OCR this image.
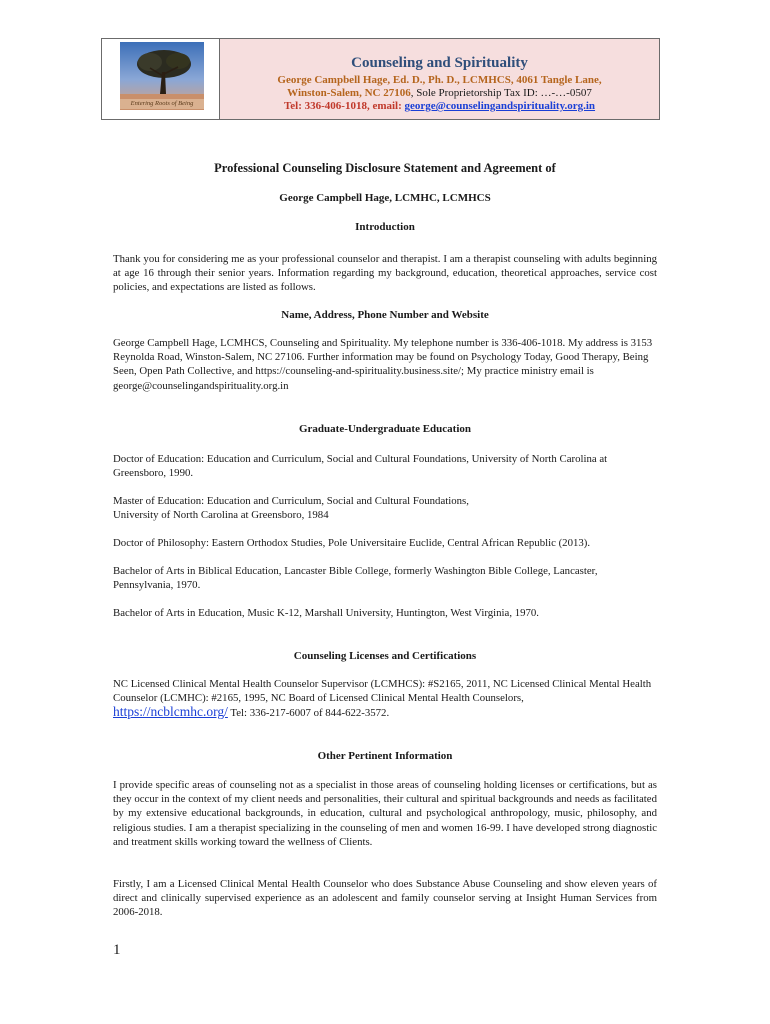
Entering Roots of Being
Counseling and Spirituality
George Campbell Hage, Ed. D., Ph. D., LCMHCS, 4061 Tangle Lane,
Winston-Salem, NC 27106, Sole Proprietorship Tax ID: …-…-0507
Tel: 336-406-1018, email: george@counselingandspirituality.org.in
Professional Counseling Disclosure Statement and Agreement of
George Campbell Hage, LCMHC, LCMHCS
Introduction
Thank you for considering me as your professional counselor and therapist. I am a therapist counseling with adults beginning at age 16 through their senior years. Information regarding my background, education, theoretical approaches, service cost policies, and expectations are listed as follows.
Name, Address, Phone Number and Website
George Campbell Hage, LCMHCS, Counseling and Spirituality. My telephone number is 336-406-1018. My address is 3153 Reynolda Road, Winston-Salem, NC 27106. Further information may be found on Psychology Today, Good Therapy, Being Seen, Open Path Collective, and https://counseling-and-spirituality.business.site/; My practice ministry email is george@counselingandspirituality.org.in
Graduate-Undergraduate Education
Doctor of Education: Education and Curriculum, Social and Cultural Foundations, University of North Carolina at Greensboro, 1990.
Master of Education: Education and Curriculum, Social and Cultural Foundations,
University of North Carolina at Greensboro, 1984
Doctor of Philosophy: Eastern Orthodox Studies, Pole Universitaire Euclide, Central African Republic (2013).
Bachelor of Arts in Biblical Education, Lancaster Bible College, formerly Washington Bible College, Lancaster, Pennsylvania, 1970.
Bachelor of Arts in Education, Music K-12, Marshall University, Huntington, West Virginia, 1970.
Counseling Licenses and Certifications
NC Licensed Clinical Mental Health Counselor Supervisor (LCMHCS): #S2165, 2011, NC Licensed Clinical Mental Health Counselor (LCMHC): #2165, 1995, NC Board of Licensed Clinical Mental Health Counselors,
https://ncblcmhc.org/ Tel: 336-217-6007 of 844-622-3572.
Other Pertinent Information
I provide specific areas of counseling not as a specialist in those areas of counseling holding licenses or certifications, but as they occur in the context of my client needs and personalities, their cultural and spiritual backgrounds and needs as facilitated by my extensive educational backgrounds, in education, cultural and psychological anthropology, music, philosophy, and religious studies. I am a therapist specializing in the counseling of men and women 16-99. I have developed strong diagnostic and treatment skills working toward the wellness of Clients.
Firstly, I am a Licensed Clinical Mental Health Counselor who does Substance Abuse Counseling and show eleven years of direct and clinically supervised experience as an adolescent and family counselor serving at Insight Human Services from 2006-2018.
1
